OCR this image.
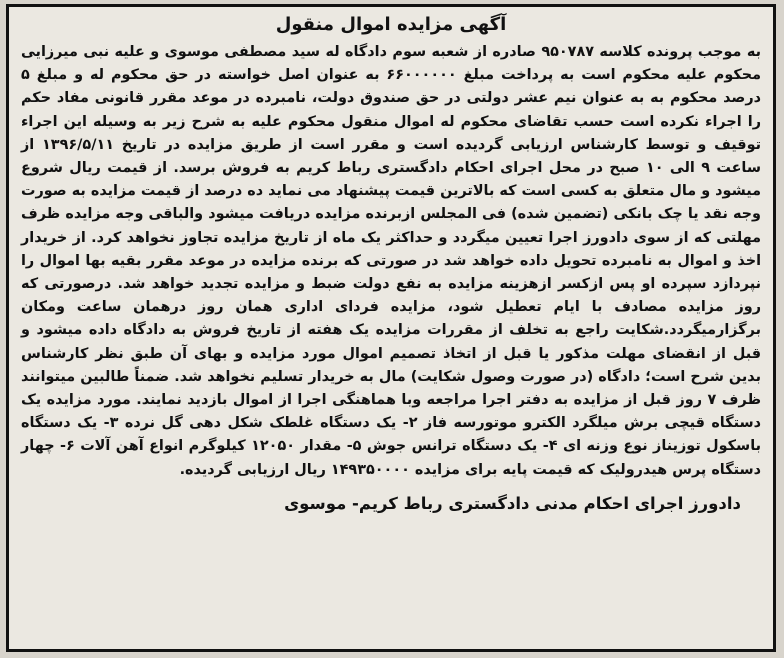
آگهی مزایده اموال منقول

به موجب پرونده کلاسه ۹۵۰۷۸۷ صادره از شعبه سوم دادگاه له سید مصطفی موسوی و علیه نبی میرزایی محکوم علیه محکوم است به پرداخت مبلغ ۶۶۰۰۰۰۰۰ به عنوان اصل خواسته در حق محکوم له و مبلغ ۵ درصد محکوم به به عنوان نیم عشر دولتی در حق صندوق دولت، نامبرده در موعد مقرر قانونی مفاد حکم را اجراء نکرده است حسب تقاضای محکوم له اموال منقول محکوم علیه به شرح زیر به وسیله این اجراء توقیف و توسط کارشناس ارزیابی گردیده است و مقرر است از طریق مزایده در تاریخ ۱۳۹۶/۵/۱۱ از ساعت ۹ الی ۱۰ صبح در محل اجرای احکام دادگستری رباط کریم به فروش برسد. از قیمت ریال شروع میشود و مال متعلق به کسی است که بالاترین قیمت پیشنهاد می نماید ده درصد از قیمت مزایده به صورت وجه نقد یا چک بانکی (تضمین شده) فی المجلس ازبرنده مزایده دریافت میشود والباقی وجه مزایده ظرف مهلتی که از سوی دادورز اجرا تعیین میگردد و حداکثر یک ماه از تاریخ مزایده تجاوز نخواهد کرد. از خریدار اخذ و اموال به نامبرده تحویل داده خواهد شد در صورتی که برنده مزایده در موعد مقرر بقیه بها اموال را نپردازد سپرده او پس ازکسر ازهزینه مزایده به نفع دولت ضبط و مزایده تجدید خواهد شد. درصورتی که روز مزایده مصادف با ایام تعطیل شود، مزایده فردای اداری همان روز درهمان ساعت ومکان برگزارمیگردد.شکایت راجع به تخلف از مقررات مزایده یک هفته از تاریخ فروش به دادگاه داده میشود و قبل از انقضای مهلت مذکور یا قبل از اتخاذ تصمیم اموال مورد مزایده و بهای آن طبق نظر کارشناس بدین شرح است؛ دادگاه (در صورت وصول شکایت) مال به خریدار تسلیم نخواهد شد. ضمناً طالبین میتوانند ظرف ۷ روز قبل از مزایده به دفتر اجرا مراجعه وبا هماهنگی اجرا از اموال بازدید نمایند. مورد مزایده یک دستگاه قیچی برش میلگرد الکترو موتورسه فاز ۲- یک دستگاه غلطک شکل دهی گل نرده ۳- یک دستگاه باسکول توزیناز نوع وزنه ای ۴- یک دستگاه ترانس جوش ۵- مقدار ۱۲۰۵۰ کیلوگرم انواع آهن آلات ۶- چهار دستگاه پرس هیدرولیک که قیمت پایه برای مزایده ۱۴۹۳۵۰۰۰۰ ریال ارزیابی گردیده.

دادورز اجرای احکام مدنی دادگستری رباط کریم- موسوی
